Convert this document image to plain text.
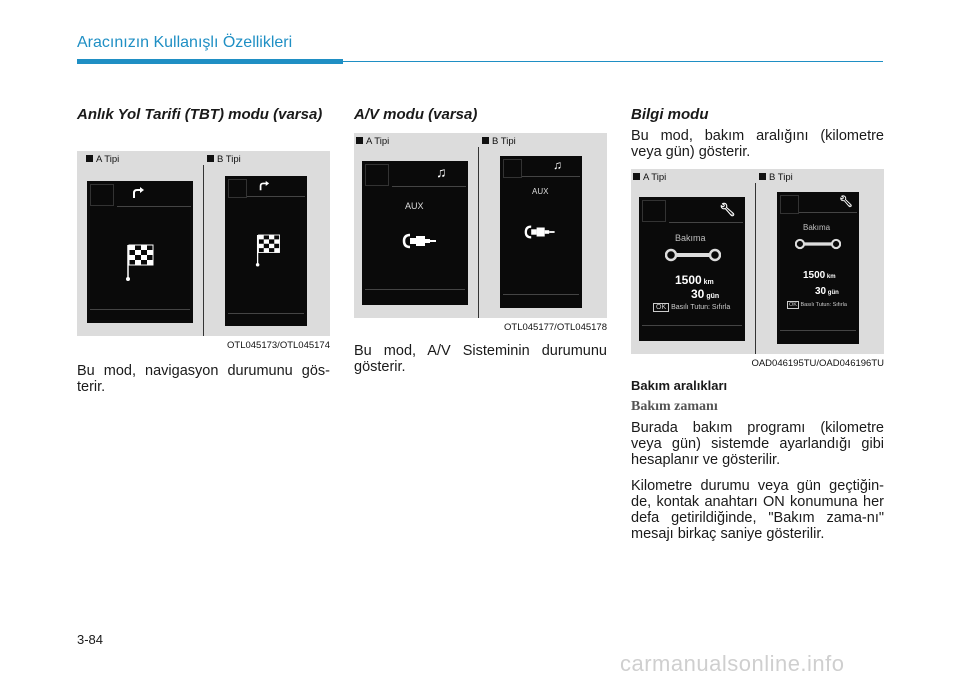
Aracınızın Kullanışlı Özellikleri
Anlık Yol Tarifi (TBT) modu (varsa)
A Tipi	B Tipi
OTL045173/OTL045174
Bu mod, navigasyon durumunu gös-terir.
A/V modu (varsa)
A Tipi	B Tipi
♫
AUX
♫
AUX
OTL045177/OTL045178
Bu mod, A/V Sisteminin durumunu gösterir.
Bilgi modu
Bu mod, bakım aralığını (kilometre veya gün) gösterir.
A Tipi	B Tipi
🔧︎
Bakıma
1500 km
30 gün
OK Basılı Tutun: Sıfırla
🔧︎
Bakıma
1500 km
30 gün
OK Basılı Tutun: Sıfırla
OAD046195TU/OAD046196TU
Bakım aralıkları
Bakım zamanı
Burada bakım programı (kilometre veya gün) sistemde ayarlandığı gibi hesaplanır ve gösterilir.
Kilometre durumu veya gün geçtiğin-de, kontak anahtarı ON konumuna her defa getirildiğinde, "Bakım zama-nı" mesajı birkaç saniye gösterilir.
3-84
carmanualsonline.info
